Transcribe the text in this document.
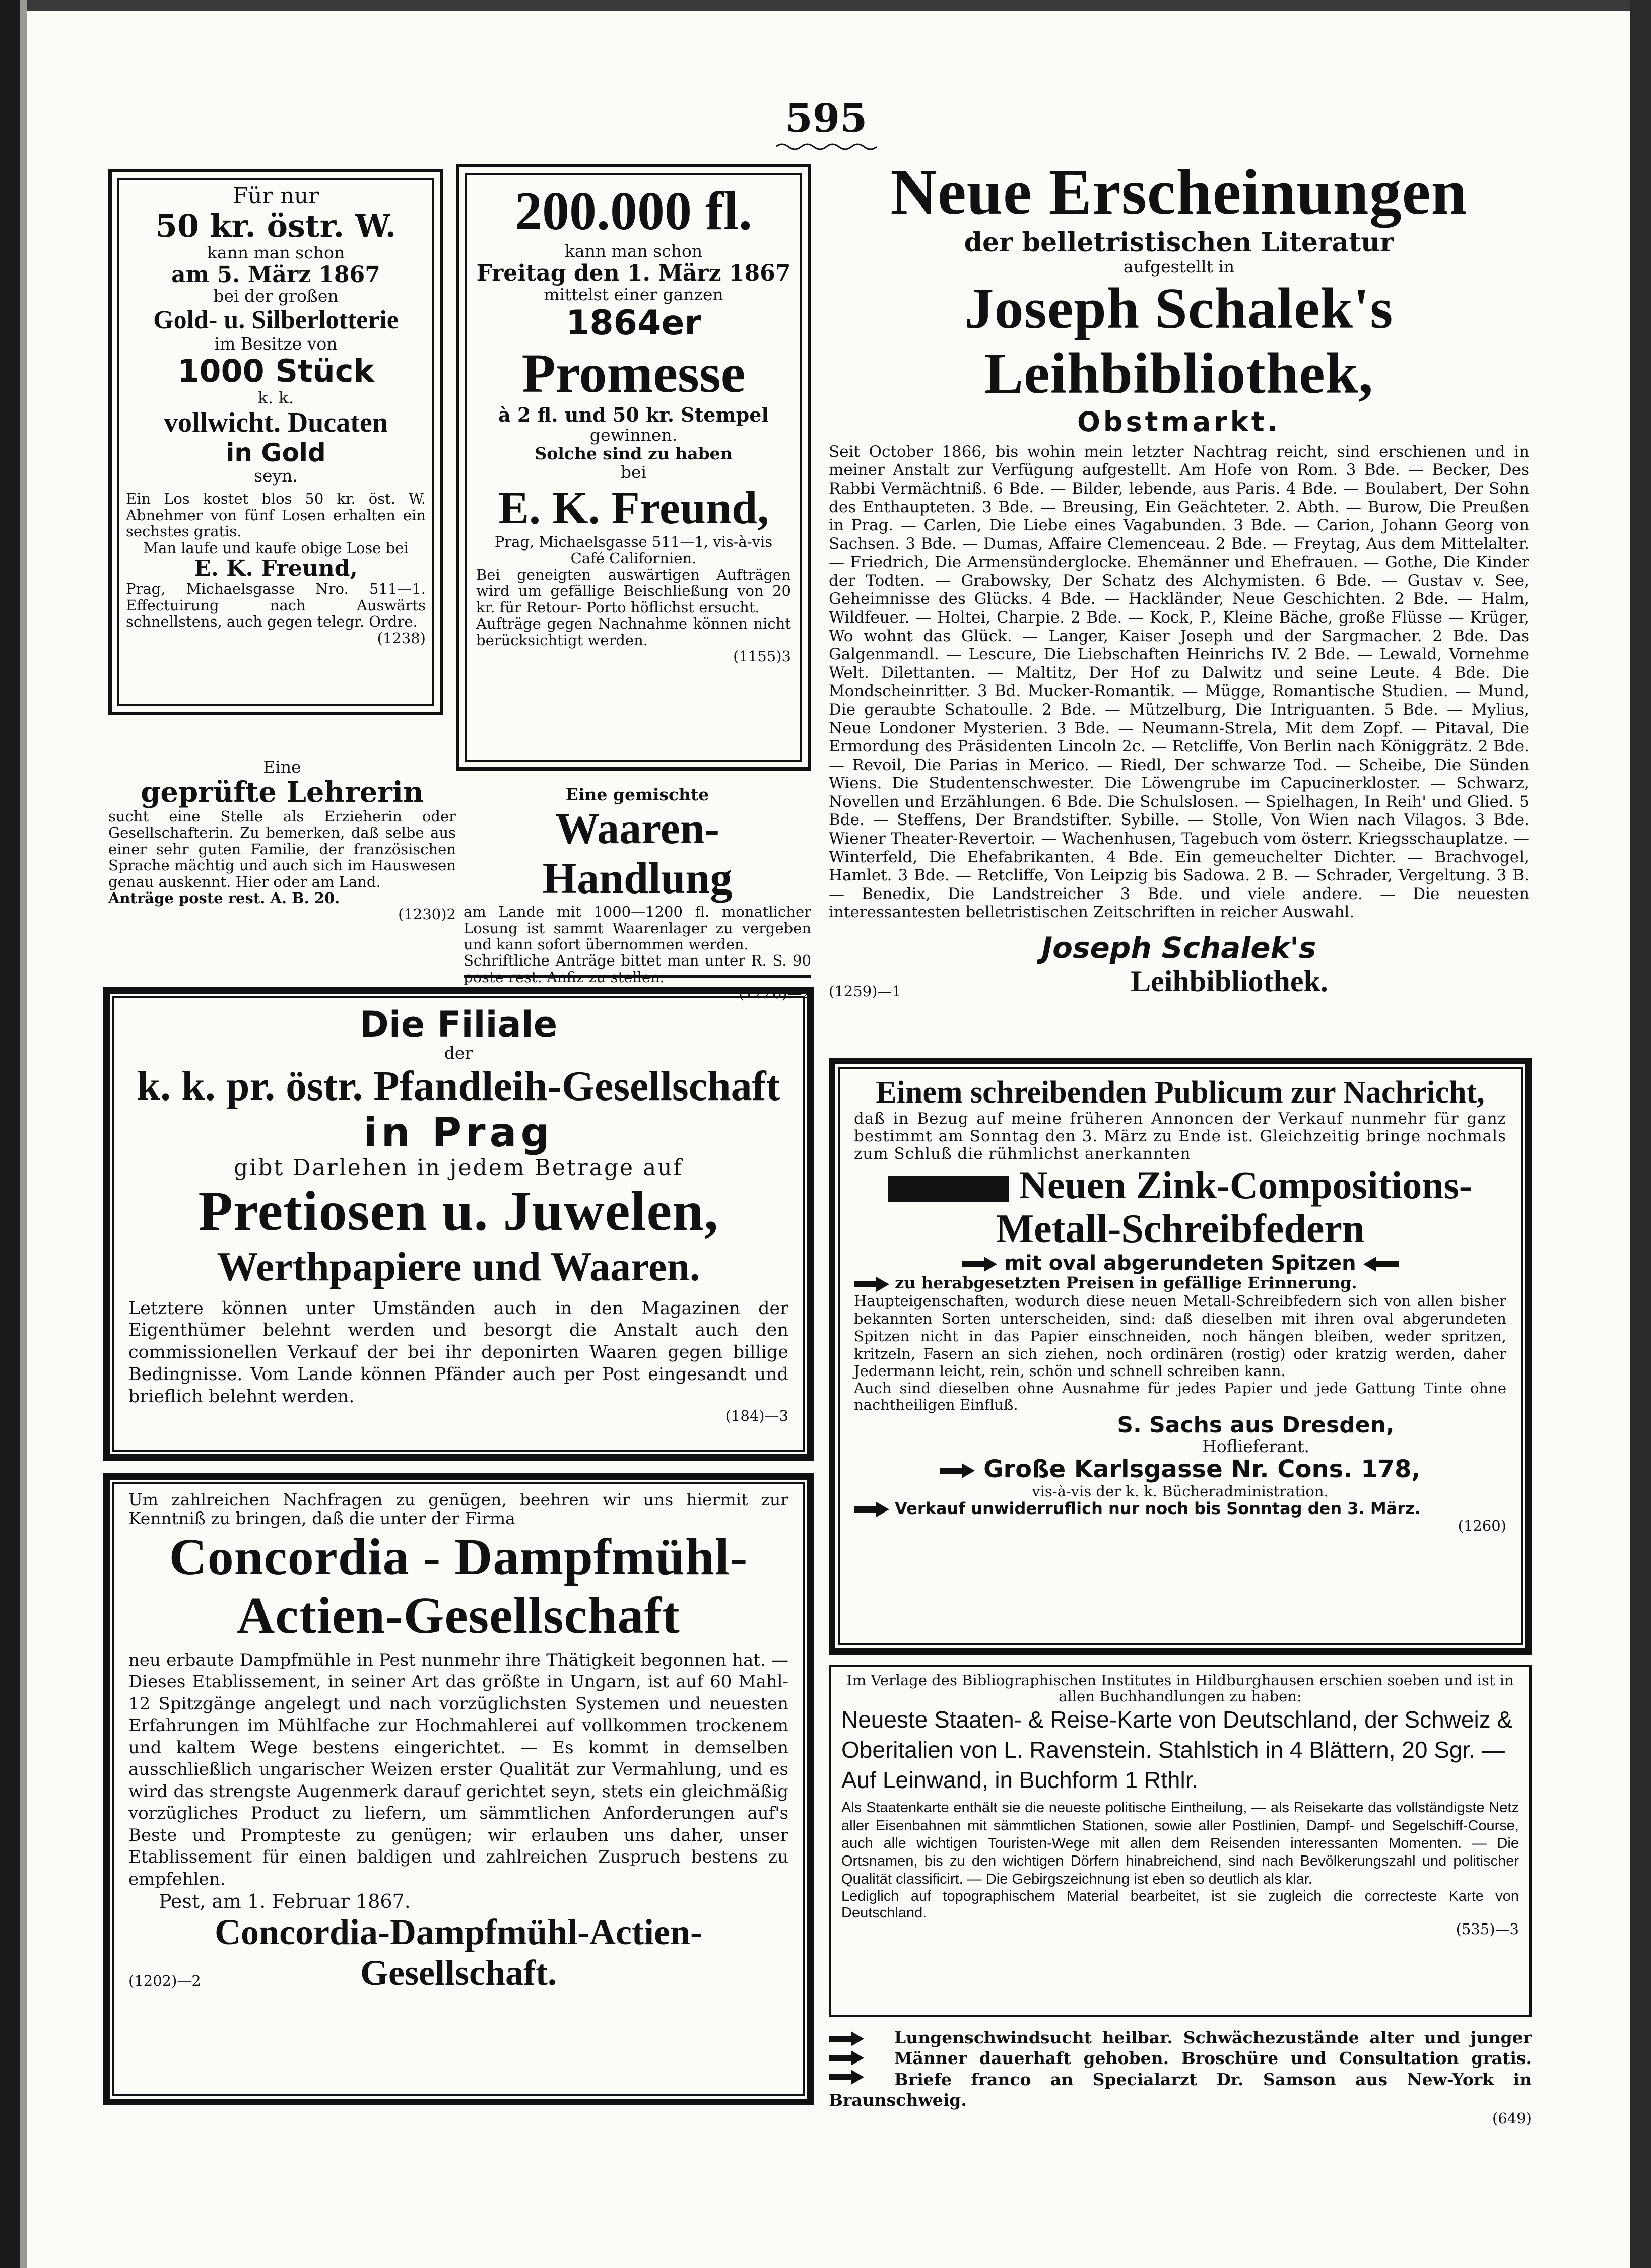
595
Für nur
50 kr. östr. W.
kann man schon
am 5. März 1867
bei der großen
Gold- u. Silberlotterie
im Besitze von
1000 Stück
k. k.
vollwicht. Ducaten
in Gold
seyn.
Ein Los kostet blos 50 kr. öst. W. Abnehmer von fünf Losen erhalten ein sechstes gratis.
Man laufe und kaufe obige Lose bei
E. K. Freund,
Prag, Michaelsgasse Nro. 511—1. Effectuirung nach Auswärts schnellstens, auch gegen telegr. Ordre.
(1238)
200.000 fl.
kann man schon
Freitag den 1. März 1867
mittelst einer ganzen
1864er
Promesse
à 2 fl. und 50 kr. Stempel
gewinnen.
Solche sind zu haben
bei
E. K. Freund,
Prag, Michaelsgasse 511—1, vis-à-vis Café Californien.
Bei geneigten auswärtigen Aufträgen wird um gefällige Beischließung von 20 kr. für Retour- Porto höflichst ersucht.
Aufträge gegen Nachnahme können nicht berücksichtigt werden.
(1155)3
Eine
geprüfte Lehrerin
sucht eine Stelle als Erzieherin oder Gesellschafterin. Zu bemerken, daß selbe aus einer sehr guten Familie, der französischen Sprache mächtig und auch sich im Hauswesen genau auskennt. Hier oder am Land.
Anträge poste rest. A. B. 20.
(1230)2
Eine gemischte
Waaren-Handlung
am Lande mit 1000—1200 fl. monatlicher Losung ist sammt Waarenlager zu vergeben und kann sofort übernommen werden.
Schriftliche Anträge bittet man unter R. S. 90 poste rest. Anfiz zu stellen.
(1226)—2
Neue Erscheinungen
der belletristischen Literatur
aufgestellt in
Joseph Schalek's Leihbibliothek,
Obstmarkt.
Seit October 1866, bis wohin mein letzter Nachtrag reicht, sind erschienen und in meiner Anstalt zur Verfügung aufgestellt. Am Hofe von Rom. 3 Bde. — Becker, Des Rabbi Vermächtniß. 6 Bde. — Bilder, lebende, aus Paris. 4 Bde. — Boulabert, Der Sohn des Enthaupteten. 3 Bde. — Breusing, Ein Geächteter. 2. Abth. — Burow, Die Preußen in Prag. — Carlen, Die Liebe eines Vagabunden. 3 Bde. — Carion, Johann Georg von Sachsen. 3 Bde. — Dumas, Affaire Clemenceau. 2 Bde. — Freytag, Aus dem Mittelalter. — Friedrich, Die Armensünderglocke. Ehemänner und Ehefrauen. — Gothe, Die Kinder der Todten. — Grabowsky, Der Schatz des Alchymisten. 6 Bde. — Gustav v. See, Geheimnisse des Glücks. 4 Bde. — Hackländer, Neue Geschichten. 2 Bde. — Halm, Wildfeuer. — Holtei, Charpie. 2 Bde. — Kock, P., Kleine Bäche, große Flüsse — Krüger, Wo wohnt das Glück. — Langer, Kaiser Joseph und der Sargmacher. 2 Bde. Das Galgenmandl. — Lescure, Die Liebschaften Heinrichs IV. 2 Bde. — Lewald, Vornehme Welt. Dilettanten. — Maltitz, Der Hof zu Dalwitz und seine Leute. 4 Bde. Die Mondscheinritter. 3 Bd. Mucker-Romantik. — Mügge, Romantische Studien. — Mund, Die geraubte Schatoulle. 2 Bde. — Mützelburg, Die Intriguanten. 5 Bde. — Mylius, Neue Londoner Mysterien. 3 Bde. — Neumann-Strela, Mit dem Zopf. — Pitaval, Die Ermordung des Präsidenten Lincoln 2c. — Retcliffe, Von Berlin nach Königgrätz. 2 Bde. — Revoil, Die Parias in Merico. — Riedl, Der schwarze Tod. — Scheibe, Die Sünden Wiens. Die Studentenschwester. Die Löwengrube im Capucinerkloster. — Schwarz, Novellen und Erzählungen. 6 Bde. Die Schulslosen. — Spielhagen, In Reih' und Glied. 5 Bde. — Steffens, Der Brandstifter. Sybille. — Stolle, Von Wien nach Vilagos. 3 Bde. Wiener Theater-Revertoir. — Wachenhusen, Tagebuch vom österr. Kriegsschauplatze. — Winterfeld, Die Ehefabrikanten. 4 Bde. Ein gemeuchelter Dichter. — Brachvogel, Hamlet. 3 Bde. — Retcliffe, Von Leipzig bis Sadowa. 2 B. — Schrader, Vergeltung. 3 B. — Benedix, Die Landstreicher 3 Bde. und viele andere. — Die neuesten interessantesten belletristischen Zeitschriften in reicher Auswahl.
Joseph Schalek's
Leihbibliothek.
(1259)—1
Die Filiale
der
k. k. pr. östr. Pfandleih-Gesellschaft
in Prag
gibt Darlehen in jedem Betrage auf
Pretiosen u. Juwelen,
Werthpapiere und Waaren.
Letztere können unter Umständen auch in den Magazinen der Eigenthümer belehnt werden und besorgt die Anstalt auch den commissionellen Verkauf der bei ihr deponirten Waaren gegen billige Bedingnisse. Vom Lande können Pfänder auch per Post eingesandt und brieflich belehnt werden.
(184)—3
Um zahlreichen Nachfragen zu genügen, beehren wir uns hiermit zur Kenntniß zu bringen, daß die unter der Firma
Concordia - Dampfmühl-
Actien-Gesellschaft
neu erbaute Dampfmühle in Pest nunmehr ihre Thätigkeit begonnen hat. — Dieses Etablissement, in seiner Art das größte in Ungarn, ist auf 60 Mahl- 12 Spitzgänge angelegt und nach vorzüglichsten Systemen und neuesten Erfahrungen im Mühlfache zur Hochmahlerei auf vollkommen trockenem und kaltem Wege bestens eingerichtet. — Es kommt in demselben ausschließlich ungarischer Weizen erster Qualität zur Vermahlung, und es wird das strengste Augenmerk darauf gerichtet seyn, stets ein gleichmäßig vorzügliches Product zu liefern, um sämmtlichen Anforderungen auf's Beste und Prompteste zu genügen; wir erlauben uns daher, unser Etablissement für einen baldigen und zahlreichen Zuspruch bestens zu empfehlen.
Pest, am 1. Februar 1867.
Concordia-Dampfmühl-Actien-
Gesellschaft.
(1202)—2
Einem schreibenden Publicum zur Nachricht,
daß in Bezug auf meine früheren Annoncen der Verkauf nunmehr für ganz bestimmt am Sonntag den 3. März zu Ende ist. Gleichzeitig bringe nochmals zum Schluß die rühmlichst anerkannten
Neuen Zink-Compositions-
Metall-Schreibfedern
mit oval abgerundeten Spitzen
zu herabgesetzten Preisen in gefällige Erinnerung.
Haupteigenschaften, wodurch diese neuen Metall-Schreibfedern sich von allen bisher bekannten Sorten unterscheiden, sind: daß dieselben mit ihren oval abgerundeten Spitzen nicht in das Papier einschneiden, noch hängen bleiben, weder spritzen, kritzeln, Fasern an sich ziehen, noch ordinären (rostig) oder kratzig werden, daher Jedermann leicht, rein, schön und schnell schreiben kann.
Auch sind dieselben ohne Ausnahme für jedes Papier und jede Gattung Tinte ohne nachtheiligen Einfluß.
S. Sachs aus Dresden,
Hoflieferant.
Große Karlsgasse Nr. Cons. 178,
vis-à-vis der k. k. Bücheradministration.
Verkauf unwiderruflich nur noch bis Sonntag den 3. März.
(1260)
Im Verlage des Bibliographischen Institutes in Hildburghausen erschien soeben und ist in allen Buchhandlungen zu haben:
Neueste Staaten- & Reise-Karte von Deutschland, der Schweiz & Oberitalien von L. Ravenstein. Stahlstich in 4 Blättern, 20 Sgr. — Auf Leinwand, in Buchform 1 Rthlr.
Als Staatenkarte enthält sie die neueste politische Eintheilung, — als Reisekarte das vollständigste Netz aller Eisenbahnen mit sämmtlichen Stationen, sowie aller Postlinien, Dampf- und Segelschiff-Course, auch alle wichtigen Touristen-Wege mit allen dem Reisenden interessanten Momenten. — Die Ortsnamen, bis zu den wichtigen Dörfern hinabreichend, sind nach Bevölkerungszahl und politischer Qualität classificirt. — Die Gebirgszeichnung ist eben so deutlich als klar.
Lediglich auf topographischem Material bearbeitet, ist sie zugleich die correcteste Karte von Deutschland.
(535)—3
Lungenschwindsucht heilbar. Schwächezustände alter und junger Männer dauerhaft gehoben. Broschüre und Consultation gratis. Briefe franco an Specialarzt Dr. Samson aus New-York in Braunschweig.
(649)
